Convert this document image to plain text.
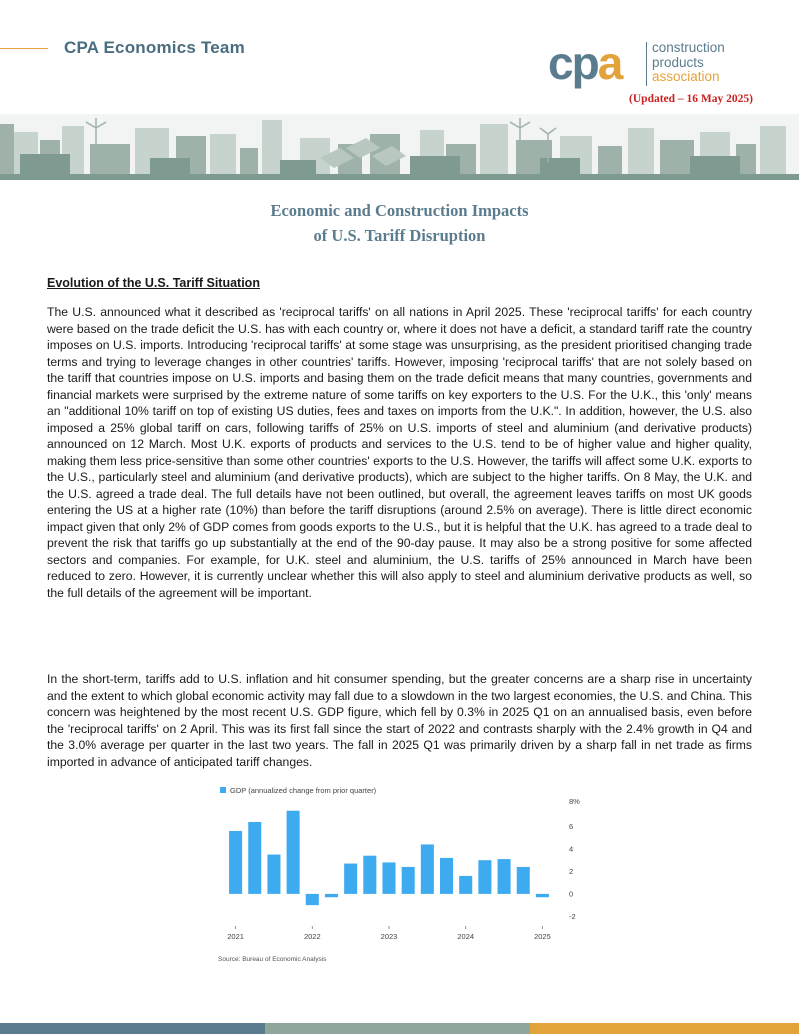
CPA Economics Team	cpa construction
products
association
(Updated – 16 May 2025)
Economic and Construction Impacts
of U.S. Tariff Disruption
Evolution of the U.S. Tariff Situation

The U.S. announced what it described as 'reciprocal tariffs' on all nations in April 2025. These 'reciprocal tariffs' for each country were based on the trade deficit the U.S. has with each country or, where it does not have a deficit, a standard tariff rate the country imposes on U.S. imports. Introducing 'reciprocal tariffs' at some stage was unsurprising, as the president prioritised changing trade terms and trying to leverage changes in other countries' tariffs. However, imposing 'reciprocal tariffs' that are not solely based on the tariff that countries impose on U.S. imports and basing them on the trade deficit means that many countries, governments and financial markets were surprised by the extreme nature of some tariffs on key exporters to the U.S. For the U.K., this 'only' means an "additional 10% tariff on top of existing US duties, fees and taxes on imports from the U.K.". In addition, however, the U.S. also imposed a 25% global tariff on cars, following tariffs of 25% on U.S. imports of steel and aluminium (and derivative products) announced on 12 March. Most U.K. exports of products and services to the U.S. tend to be of higher value and higher quality, making them less price-sensitive than some other countries' exports to the U.S. However, the tariffs will affect some U.K. exports to the U.S., particularly steel and aluminium (and derivative products), which are subject to the higher tariffs. On 8 May, the U.K. and the U.S. agreed a trade deal. The full details have not been outlined, but overall, the agreement leaves tariffs on most UK goods entering the US at a higher rate (10%) than before the tariff disruptions (around 2.5% on average). There is little direct economic impact given that only 2% of GDP comes from goods exports to the U.S., but it is helpful that the U.K. has agreed to a trade deal to prevent the risk that tariffs go up substantially at the end of the 90-day pause. It may also be a strong positive for some affected sectors and companies. For example, for U.K. steel and aluminium, the U.S. tariffs of 25% announced in March have been reduced to zero. However, it is currently unclear whether this will also apply to steel and aluminium derivative products as well, so the full details of the agreement will be important.

In the short-term, tariffs add to U.S. inflation and hit consumer spending, but the greater concerns are a sharp rise in uncertainty and the extent to which global economic activity may fall due to a slowdown in the two largest economies, the U.S. and China. This concern was heightened by the most recent U.S. GDP figure, which fell by 0.3% in 2025 Q1 on an annualised basis, even before the 'reciprocal tariffs' on 2 April. This was its first fall since the start of 2022 and contrasts sharply with the 2.4% growth in Q4 and the 3.0% average per quarter in the last two years. The fall in 2025 Q1 was primarily driven by a sharp fall in net trade as firms imported in advance of anticipated tariff changes.

GDP (annualized change from prior quarter)
8%
6
4
2
0
-2
2021	2022	2023	2024	2025
Source: Bureau of Economic Analysis
